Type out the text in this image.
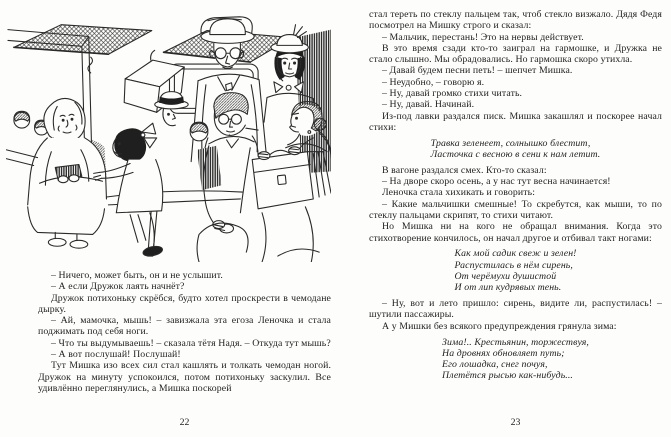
– Ничего, может быть, он и не услышит.

– А если Дружок лаять начнёт?

Дружок потихоньку скрёбся, будто хотел проскрести в чемодане дырку.

– Ай, мамочка, мышь! – завизжала эта егоза Леночка и стала поджимать под себя ноги.

– Что ты выдумываешь! – сказала тётя Надя. – Откуда тут мышь?

– А вот послушай! Послушай!

Тут Мишка изо всех сил стал кашлять и толкать чемодан ногой. Дружок на минуту успокоился, потом потихоньку заскулил. Все удивлённо переглянулись, а Мишка поскорей

22

стал тереть по стеклу пальцем так, чтоб стекло визжало. Дядя Федя посмотрел на Мишку строго и сказал:

– Мальчик, перестань! Это на нервы действует.

В это время сзади кто-то заиграл на гармошке, и Дружка не стало слышно. Мы обрадовались. Но гармошка скоро утихла.

– Давай будем песни петь! – шепчет Мишка.

– Неудобно, – говорю я.

– Ну, давай громко стихи читать.

– Ну, давай. Начинай.

Из-под лавки раздался писк. Мишка закашлял и поскорее начал стихи:

Травка зеленеет, солнышко блестит,
Ласточка с весною в сени к нам летит.

В вагоне раздался смех. Кто-то сказал:

– На дворе скоро осень, а у нас тут весна начинается!

Леночка стала хихикать и говорить:

– Какие мальчишки смешные! То скребутся, как мыши, то по стеклу пальцами скрипят, то стихи читают.

Но Мишка ни на кого не обращал внимания. Когда это стихотворение кончилось, он начал другое и отбивал такт ногами:

Как мой садик свеж и зелен!
Распустилась в нём сирень,
От черёмухи душистой
И от лип кудрявых тень.

– Ну, вот и лето пришло: сирень, видите ли, распустилась! – шутили пассажиры.

А у Мишки без всякого предупреждения грянула зима:

Зима!.. Крестьянин, торжествуя,
На дровнях обновляет путь;
Его лошадка, снег почуя,
Плетётся рысью как-нибудь...
23
